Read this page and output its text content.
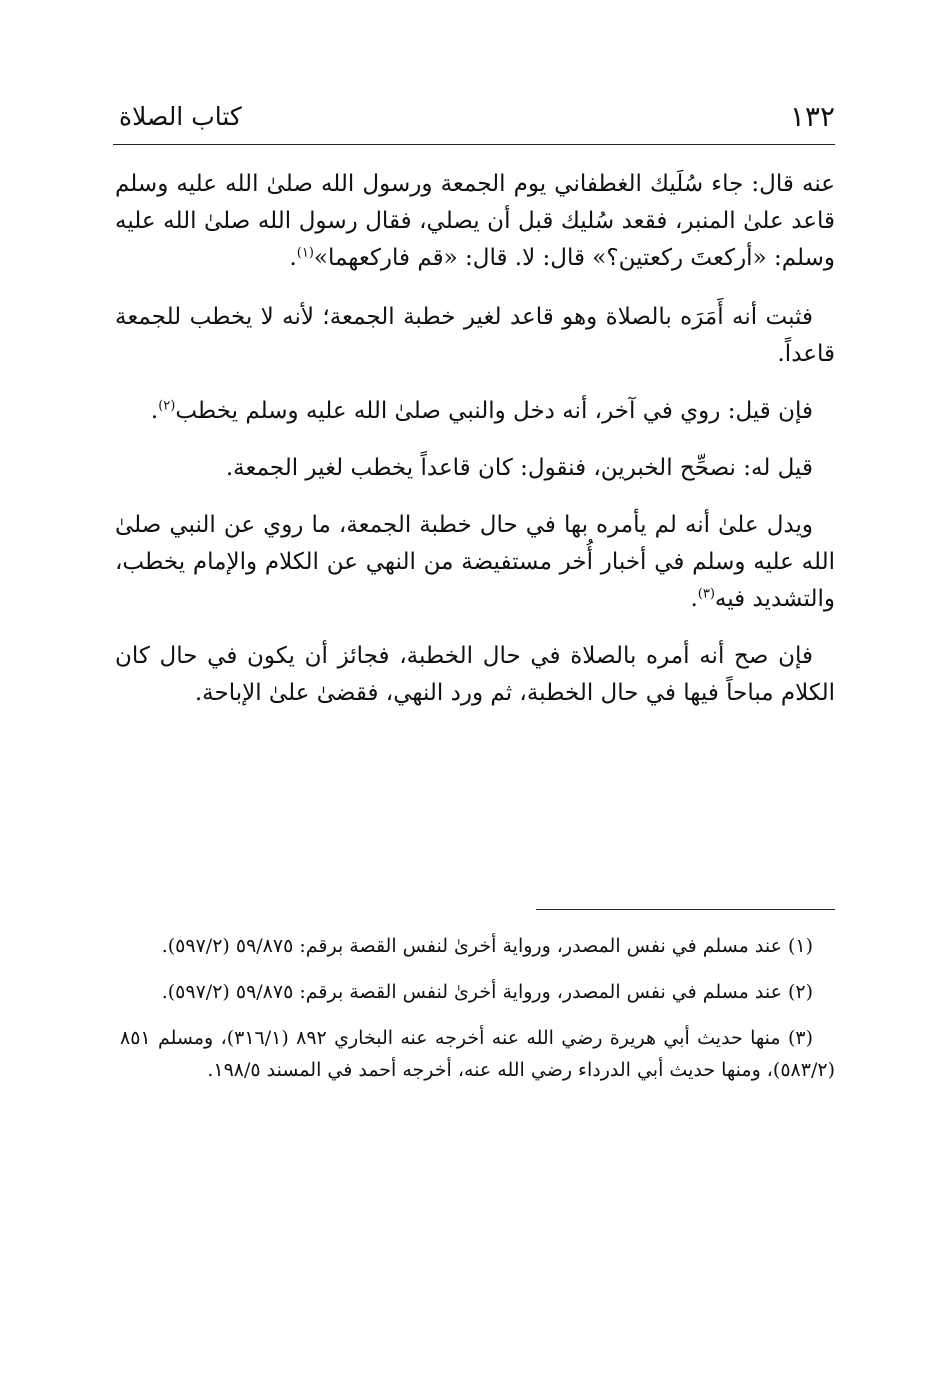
١٣٢
كتاب الصلاة

عنه قال: جاء سُلَيك الغطفاني يوم الجمعة ورسول الله صلىٰ الله عليه وسلم قاعد علىٰ المنبر، فقعد سُليك قبل أن يصلي، فقال رسول الله صلىٰ الله عليه وسلم: «أركعتَ ركعتين؟» قال: لا. قال: «قم فاركعهما»$^{(١)}$.

فثبت أنه أَمَرَه بالصلاة وهو قاعد لغير خطبة الجمعة؛ لأنه لا يخطب للجمعة قاعداً.

فإن قيل: روي في آخر، أنه دخل والنبي صلىٰ الله عليه وسلم يخطب$^{(٢)}$.

قيل له: نصحِّح الخبرين، فنقول: كان قاعداً يخطب لغير الجمعة.

ويدل علىٰ أنه لم يأمره بها في حال خطبة الجمعة، ما روي عن النبي صلىٰ الله عليه وسلم في أخبار أُخر مستفيضة من النهي عن الكلام والإمام يخطب، والتشديد فيه$^{(٣)}$.

فإن صح أنه أمره بالصلاة في حال الخطبة، فجائز أن يكون في حال كان الكلام مباحاً فيها في حال الخطبة، ثم ورد النهي، فقضىٰ علىٰ الإباحة.

(١) عند مسلم في نفس المصدر، ورواية أخرىٰ لنفس القصة برقم: ٥٩/٨٧٥ (٥٩٧/٢).

(٢) عند مسلم في نفس المصدر، ورواية أخرىٰ لنفس القصة برقم: ٥٩/٨٧٥ (٥٩٧/٢).

(٣) منها حديث أبي هريرة رضي الله عنه أخرجه عنه البخاري ٨٩٢ (٣١٦/١)، ومسلم ٨٥١ (٥٨٣/٢)، ومنها حديث أبي الدرداء رضي الله عنه، أخرجه أحمد في المسند ١٩٨/٥.
